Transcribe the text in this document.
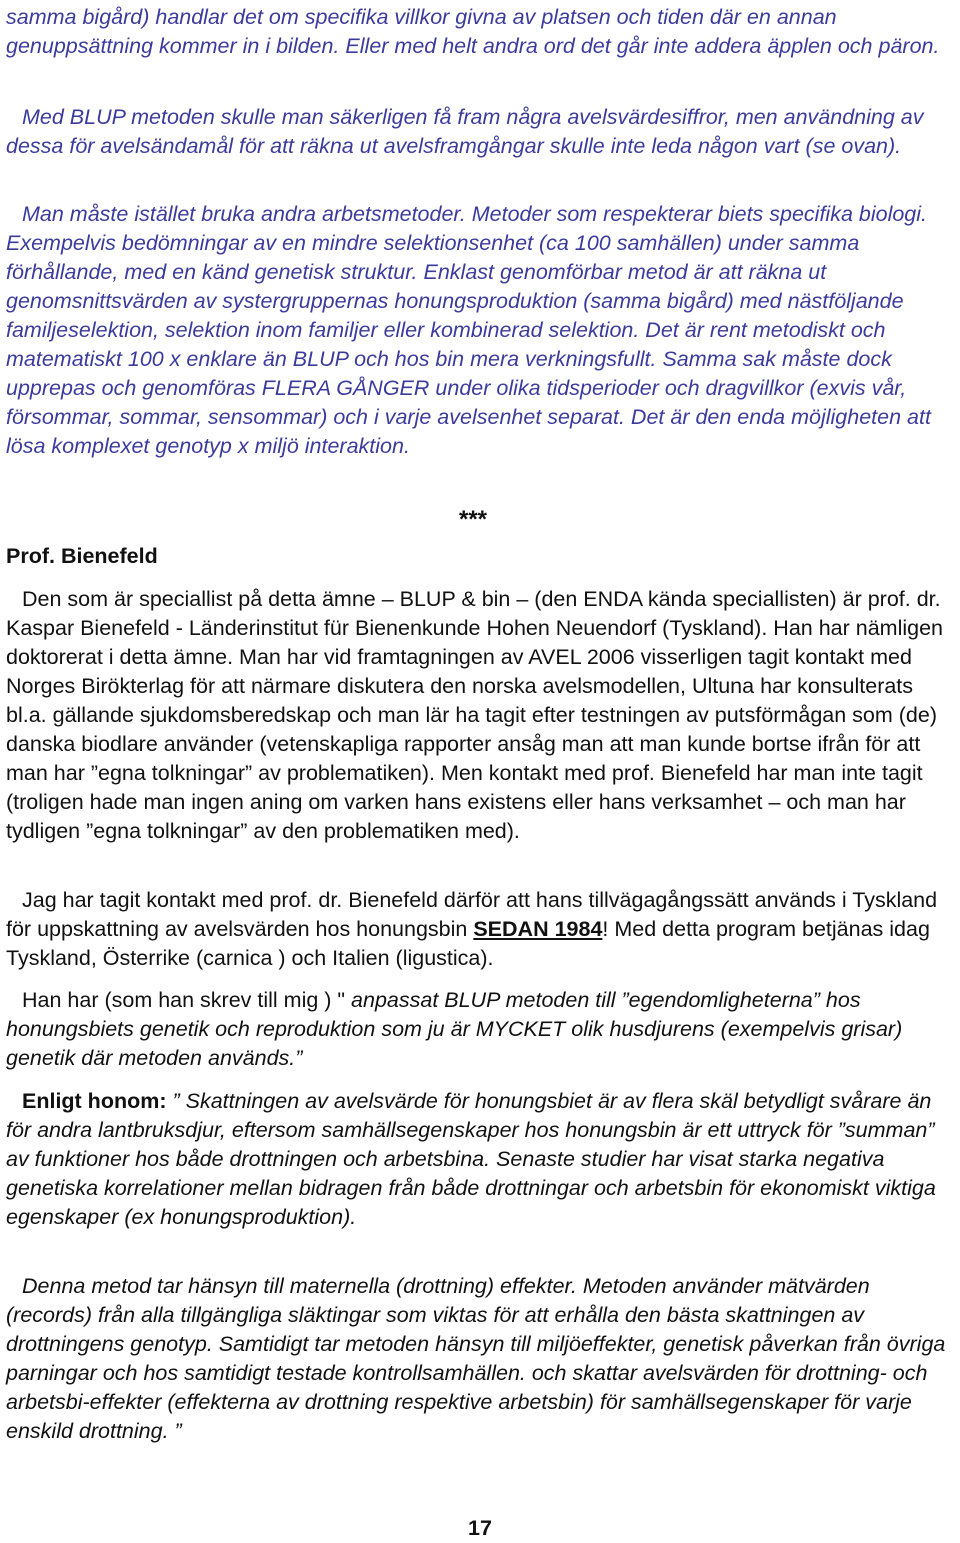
samma bigård) handlar det om specifika villkor givna av platsen och tiden där en annan genuppsättning kommer in i bilden. Eller med helt andra ord det går inte addera äpplen och päron.

Med BLUP metoden skulle man säkerligen få fram några avelsvärdesiffror, men användning av dessa för avelsändamål för att räkna ut avelsframgångar skulle inte leda någon vart (se ovan).

Man måste istället bruka andra arbetsmetoder. Metoder som respekterar biets specifika biologi. Exempelvis bedömningar av en mindre selektionsenhet (ca 100 samhällen) under samma förhållande, med en känd genetisk struktur. Enklast genomförbar metod är att räkna ut genomsnittsvärden av systergruppernas honungsproduktion (samma bigård) med nästföljande familjeselektion, selektion inom familjer eller kombinerad selektion. Det är rent metodiskt och matematiskt 100 x enklare än BLUP och hos bin mera verkningsfullt. Samma sak måste dock upprepas och genomföras FLERA GÅNGER under olika tidsperioder och dragvillkor (exvis vår, försommar, sommar, sensommar) och i varje avelsenhet separat. Det är den enda möjligheten att lösa komplexet genotyp x miljö interaktion.

***
Prof. Bienefeld

Den som är speciallist på detta ämne – BLUP & bin – (den ENDA kända speciallisten) är prof. dr. Kaspar Bienefeld - Länderinstitut für Bienenkunde Hohen Neuendorf (Tyskland). Han har nämligen doktorerat i detta ämne. Man har vid framtagningen av AVEL 2006 visserligen tagit kontakt med Norges Birökterlag för att närmare diskutera den norska avelsmodellen, Ultuna har konsulterats bl.a. gällande sjukdomsberedskap och man lär ha tagit efter testningen av putsförmågan som (de) danska biodlare använder (vetenskapliga rapporter ansåg man att man kunde bortse ifrån för att man har ”egna tolkningar” av problematiken). Men kontakt med prof. Bienefeld har man inte tagit (troligen hade man ingen aning om varken hans existens eller hans verksamhet – och man har tydligen ”egna tolkningar” av den problematiken med).

Jag har tagit kontakt med prof. dr. Bienefeld därför att hans tillvägagångssätt används i Tyskland för uppskattning av avelsvärden hos honungsbin SEDAN 1984! Med detta program betjänas idag Tyskland, Österrike (carnica ) och Italien (ligustica).

Han har (som han skrev till mig ) " anpassat BLUP metoden till ”egendomligheterna” hos honungsbiets genetik och reproduktion som ju är MYCKET olik husdjurens (exempelvis grisar) genetik där metoden används.”

Enligt honom: ” Skattningen av avelsvärde för honungsbiet är av flera skäl betydligt svårare än för andra lantbruksdjur, eftersom samhällsegenskaper hos honungsbin är ett uttryck för ”summan” av funktioner hos både drottningen och arbetsbina. Senaste studier har visat starka negativa genetiska korrelationer mellan bidragen från både drottningar och arbetsbin för ekonomiskt viktiga egenskaper (ex honungsproduktion).

Denna metod tar hänsyn till maternella (drottning) effekter. Metoden använder mätvärden (records) från alla tillgängliga släktingar som viktas för att erhålla den bästa skattningen av drottningens genotyp. Samtidigt tar metoden hänsyn till miljöeffekter, genetisk påverkan från övriga parningar och hos samtidigt testade kontrollsamhällen. och skattar avelsvärden för drottning- och arbetsbi-effekter (effekterna av drottning respektive arbetsbin) för samhällsegenskaper för varje enskild drottning. ”

17
